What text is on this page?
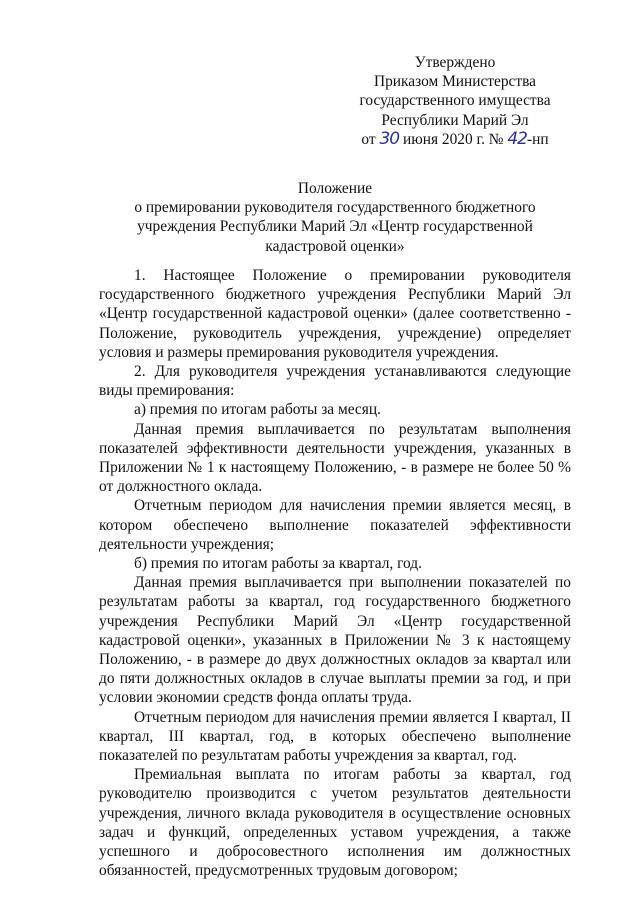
Утверждено
Приказом Министерства
государственного имущества
Республики Марий Эл
от 30 июня 2020 г. № 42-нп
Положение
о премировании руководителя государственного бюджетного
учреждения Республики Марий Эл «Центр государственной
кадастровой оценки»

1. Настоящее Положение о премировании руководителя государственного бюджетного учреждения Республики Марий Эл «Центр государственной кадастровой оценки» (далее соответственно - Положение, руководитель учреждения, учреждение) определяет условия и размеры премирования руководителя учреждения.

2. Для руководителя учреждения устанавливаются следующие виды премирования:

а) премия по итогам работы за месяц.

Данная премия выплачивается по результатам выполнения показателей эффективности деятельности учреждения, указанных в Приложении № 1 к настоящему Положению, - в размере не более 50 % от должностного оклада.

Отчетным периодом для начисления премии является месяц, в котором обеспечено выполнение показателей эффективности деятельности учреждения;

б) премия по итогам работы за квартал, год.

Данная премия выплачивается при выполнении показателей по результатам работы за квартал, год государственного бюджетного учреждения Республики Марий Эл «Центр государственной кадастровой оценки», указанных в Приложении № 3 к настоящему Положению, - в размере до двух должностных окладов за квартал или до пяти должностных окладов в случае выплаты премии за год, и при условии экономии средств фонда оплаты труда.

Отчетным периодом для начисления премии является I квартал, II квартал, III квартал, год, в которых обеспечено выполнение показателей по результатам работы учреждения за квартал, год.

Премиальная выплата по итогам работы за квартал, год руководителю производится с учетом результатов деятельности учреждения, личного вклада руководителя в осуществление основных задач и функций, определенных уставом учреждения, а также успешного и добросовестного исполнения им должностных обязанностей, предусмотренных трудовым договором;
